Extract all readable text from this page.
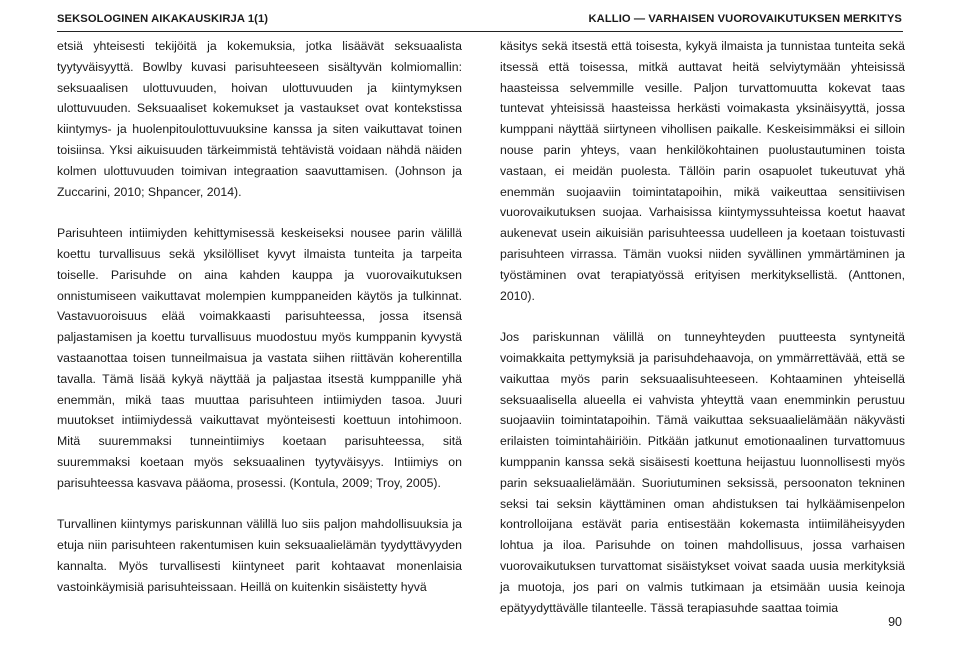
SEKSOLOGINEN AIKAKAUSKIRJA 1(1)	KALLIO — VARHAISEN VUOROVAIKUTUKSEN MERKITYS

etsiä yhteisesti tekijöitä ja kokemuksia, jotka lisäävät seksuaalista tyytyväisyyttä. Bowlby kuvasi parisuhteeseen sisältyvän kolmiomallin: seksuaalisen ulottuvuuden, hoivan ulottuvuuden ja kiintymyksen ulottuvuuden. Seksuaaliset kokemukset ja vastaukset ovat kontekstissa kiintymys- ja huolenpitoulottuvuuksine kanssa ja siten vaikuttavat toinen toisiinsa. Yksi aikuisuuden tärkeimmistä tehtävistä voidaan nähdä näiden kolmen ulottuvuuden toimivan integraation saavuttamisen. (Johnson ja Zuccarini, 2010; Shpancer, 2014).

Parisuhteen intiimiyden kehittymisessä keskeiseksi nousee parin välillä koettu turvallisuus sekä yksilölliset kyvyt ilmaista tunteita ja tarpeita toiselle. Parisuhde on aina kahden kauppa ja vuorovaikutuksen onnistumiseen vaikuttavat molempien kumppaneiden käytös ja tulkinnat. Vastavuoroisuus elää voimakkaasti parisuhteessa, jossa itsensä paljastamisen ja koettu turvallisuus muodostuu myös kumppanin kyvystä vastaanottaa toisen tunneilmaisua ja vastata siihen riittävän koherentilla tavalla. Tämä lisää kykyä näyttää ja paljastaa itsestä kumppanille yhä enemmän, mikä taas muuttaa parisuhteen intiimiyden tasoa. Juuri muutokset intiimiydessä vaikuttavat myönteisesti koettuun intohimoon. Mitä suuremmaksi tunneintiimiys koetaan parisuhteessa, sitä suuremmaksi koetaan myös seksuaalinen tyytyväisyys. Intiimiys on parisuhteessa kasvava pääoma, prosessi. (Kontula, 2009; Troy, 2005).

Turvallinen kiintymys pariskunnan välillä luo siis paljon mahdollisuuksia ja etuja niin parisuhteen rakentumisen kuin seksuaalielämän tyydyttävyyden kannalta. Myös turvallisesti kiintyneet parit kohtaavat monenlaisia vastoinkäymisiä parisuhteissaan. Heillä on kuitenkin sisäistetty hyvä

käsitys sekä itsestä että toisesta, kykyä ilmaista ja tunnistaa tunteita sekä itsessä että toisessa, mitkä auttavat heitä selviytymään yhteisissä haasteissa selvemmille vesille. Paljon turvattomuutta kokevat taas tuntevat yhteisissä haasteissa herkästi voimakasta yksinäisyyttä, jossa kumppani näyttää siirtyneen vihollisen paikalle. Keskeisimmäksi ei silloin nouse parin yhteys, vaan henkilökohtainen puolustautuminen toista vastaan, ei meidän puolesta. Tällöin parin osapuolet tukeutuvat yhä enemmän suojaaviin toimintatapoihin, mikä vaikeuttaa sensitiivisen vuorovaikutuksen suojaa. Varhaisissa kiintymyssuhteissa koetut haavat aukenevat usein aikuisiän parisuhteessa uudelleen ja koetaan toistuvasti parisuhteen virrassa. Tämän vuoksi niiden syvällinen ymmärtäminen ja työstäminen ovat terapiatyössä erityisen merkityksellistä. (Anttonen, 2010).

Jos pariskunnan välillä on tunneyhteyden puutteesta syntyneitä voimakkaita pettymyksiä ja parisuhdehaavoja, on ymmärrettävää, että se vaikuttaa myös parin seksuaalisuhteeseen. Kohtaaminen yhteisellä seksuaalisella alueella ei vahvista yhteyttä vaan enemminkin perustuu suojaaviin toimintatapoihin. Tämä vaikuttaa seksuaalielämään näkyvästi erilaisten toimintahäiriöin. Pitkään jatkunut emotionaalinen turvattomuus kumppanin kanssa sekä sisäisesti koettuna heijastuu luonnollisesti myös parin seksuaalielämään. Suoriutuminen seksissä, persoonaton tekninen seksi tai seksin käyttäminen oman ahdistuksen tai hylkäämisenpelon kontrolloijana estävät paria entisestään kokemasta intiimiläheisyyden lohtua ja iloa. Parisuhde on toinen mahdollisuus, jossa varhaisen vuorovaikutuksen turvattomat sisäistykset voivat saada uusia merkityksiä ja muotoja, jos pari on valmis tutkimaan ja etsimään uusia keinoja epätyydyttävälle tilanteelle. Tässä terapiasuhde saattaa toimia

90
